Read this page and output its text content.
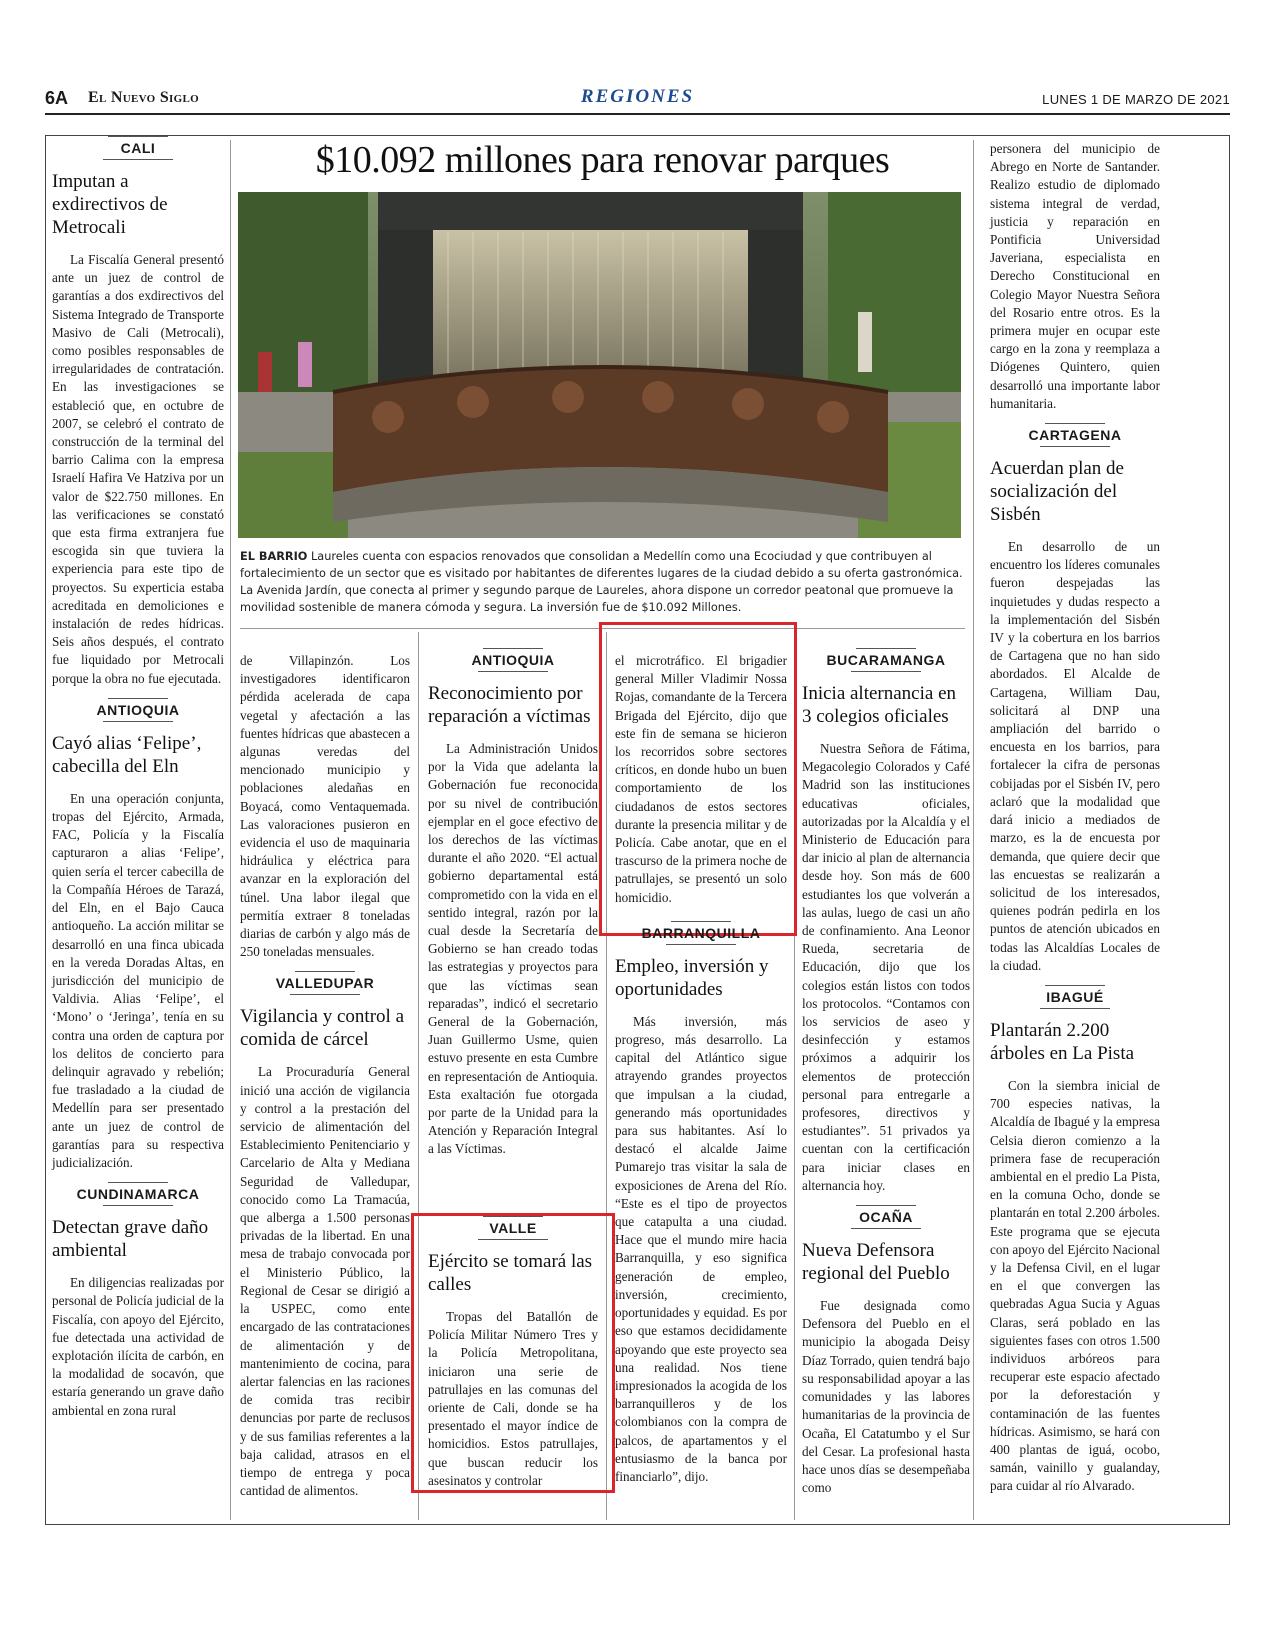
6A El Nuevo Siglo	REGIONES	LUNES 1 DE MARZO DE 2021
$10.092 millones para renovar parques
EL BARRIO Laureles cuenta con espacios renovados que consolidan a Medellín como una Ecociudad y que contribuyen al fortalecimiento de un sector que es visitado por habitantes de diferentes lugares de la ciudad debido a su oferta gastronómica. La Avenida Jardín, que conecta al primer y segundo parque de Laureles, ahora dispone un corredor peatonal que promueve la movilidad sostenible de manera cómoda y segura. La inversión fue de $10.092 Millones.
CALI
Imputan a exdirectivos de Metrocali

La Fiscalía General presentó ante un juez de control de garantías a dos exdirectivos del Sistema Integrado de Transporte Masivo de Cali (Metrocali), como posibles responsables de irregularidades de contratación. En las investigaciones se estableció que, en octubre de 2007, se celebró el contrato de construcción de la terminal del barrio Calima con la empresa Israelí Hafira Ve Hatziva por un valor de $22.750 millones. En las verificaciones se constató que esta firma extranjera fue escogida sin que tuviera la experiencia para este tipo de proyectos. Su experticia estaba acreditada en demoliciones e instalación de redes hídricas. Seis años después, el contrato fue liquidado por Metrocali porque la obra no fue ejecutada.

ANTIOQUIA
Cayó alias ‘Felipe’, cabecilla del Eln

En una operación conjunta, tropas del Ejército, Armada, FAC, Policía y la Fiscalía capturaron a alias ‘Felipe’, quien sería el tercer cabecilla de la Compañía Héroes de Tarazá, del Eln, en el Bajo Cauca antioqueño. La acción militar se desarrolló en una finca ubicada en la vereda Doradas Altas, en jurisdicción del municipio de Valdivia. Alias ‘Felipe’, el ‘Mono’ o ‘Jeringa’, tenía en su contra una orden de captura por los delitos de concierto para delinquir agravado y rebelión; fue trasladado a la ciudad de Medellín para ser presentado ante un juez de control de garantías para su respectiva judicialización.

CUNDINAMARCA
Detectan grave daño ambiental

En diligencias realizadas por personal de Policía judicial de la Fiscalía, con apoyo del Ejército, fue detectada una actividad de explotación ilícita de carbón, en la modalidad de socavón, que estaría generando un grave daño ambiental en zona rural

de Villapinzón. Los investigadores identificaron pérdida acelerada de capa vegetal y afectación a las fuentes hídricas que abastecen a algunas veredas del mencionado municipio y poblaciones aledañas en Boyacá, como Ventaquemada. Las valoraciones pusieron en evidencia el uso de maquinaria hidráulica y eléctrica para avanzar en la exploración del túnel. Una labor ilegal que permitía extraer 8 toneladas diarias de carbón y algo más de 250 toneladas mensuales.

VALLEDUPAR
Vigilancia y control a comida de cárcel

La Procuraduría General inició una acción de vigilancia y control a la prestación del servicio de alimentación del Establecimiento Penitenciario y Carcelario de Alta y Mediana Seguridad de Valledupar, conocido como La Tramacúa, que alberga a 1.500 personas privadas de la libertad. En una mesa de trabajo convocada por el Ministerio Público, la Regional de Cesar se dirigió a la USPEC, como ente encargado de las contrataciones de alimentación y de mantenimiento de cocina, para alertar falencias en las raciones de comida tras recibir denuncias por parte de reclusos y de sus familias referentes a la baja calidad, atrasos en el tiempo de entrega y poca cantidad de alimentos.

ANTIOQUIA
Reconocimiento por reparación a víctimas

La Administración Unidos por la Vida que adelanta la Gobernación fue reconocida por su nivel de contribución ejemplar en el goce efectivo de los derechos de las víctimas durante el año 2020. “El actual gobierno departamental está comprometido con la vida en el sentido integral, razón por la cual desde la Secretaría de Gobierno se han creado todas las estrategias y proyectos para que las víctimas sean reparadas”, indicó el secretario General de la Gobernación, Juan Guillermo Usme, quien estuvo presente en esta Cumbre en representación de Antioquia. Esta exaltación fue otorgada por parte de la Unidad para la Atención y Reparación Integral a las Víctimas.

VALLE
Ejército se tomará las calles

Tropas del Batallón de Policía Militar Número Tres y la Policía Metropolitana, iniciaron una serie de patrullajes en las comunas del oriente de Cali, donde se ha presentado el mayor índice de homicidios. Estos patrullajes, que buscan reducir los asesinatos y controlar

el microtráfico. El brigadier general Miller Vladimir Nossa Rojas, comandante de la Tercera Brigada del Ejército, dijo que este fin de semana se hicieron los recorridos sobre sectores críticos, en donde hubo un buen comportamiento de los ciudadanos de estos sectores durante la presencia militar y de Policía. Cabe anotar, que en el trascurso de la primera noche de patrullajes, se presentó un solo homicidio.

BARRANQUILLA
Empleo, inversión y oportunidades

Más inversión, más progreso, más desarrollo. La capital del Atlántico sigue atrayendo grandes proyectos que impulsan a la ciudad, generando más oportunidades para sus habitantes. Así lo destacó el alcalde Jaime Pumarejo tras visitar la sala de exposiciones de Arena del Río. “Este es el tipo de proyectos que catapulta a una ciudad. Hace que el mundo mire hacia Barranquilla, y eso significa generación de empleo, inversión, crecimiento, oportunidades y equidad. Es por eso que estamos decididamente apoyando que este proyecto sea una realidad. Nos tiene impresionados la acogida de los barranquilleros y de los colombianos con la compra de palcos, de apartamentos y el entusiasmo de la banca por financiarlo”, dijo.

BUCARAMANGA
Inicia alternancia en 3 colegios oficiales

Nuestra Señora de Fátima, Megacolegio Colorados y Café Madrid son las instituciones educativas oficiales, autorizadas por la Alcaldía y el Ministerio de Educación para dar inicio al plan de alternancia desde hoy. Son más de 600 estudiantes los que volverán a las aulas, luego de casi un año de confinamiento. Ana Leonor Rueda, secretaria de Educación, dijo que los colegios están listos con todos los protocolos. “Contamos con los servicios de aseo y desinfección y estamos próximos a adquirir los elementos de protección personal para entregarle a profesores, directivos y estudiantes”. 51 privados ya cuentan con la certificación para iniciar clases en alternancia hoy.

OCAÑA
Nueva Defensora regional del Pueblo

Fue designada como Defensora del Pueblo en el municipio la abogada Deisy Díaz Torrado, quien tendrá bajo su responsabilidad apoyar a las comunidades y las labores humanitarias de la provincia de Ocaña, El Catatumbo y el Sur del Cesar. La profesional hasta hace unos días se desempeñaba como

personera del municipio de Abrego en Norte de Santander. Realizo estudio de diplomado sistema integral de verdad, justicia y reparación en Pontificia Universidad Javeriana, especialista en Derecho Constitucional en Colegio Mayor Nuestra Señora del Rosario entre otros. Es la primera mujer en ocupar este cargo en la zona y reemplaza a Diógenes Quintero, quien desarrolló una importante labor humanitaria.

CARTAGENA
Acuerdan plan de socialización del Sisbén

En desarrollo de un encuentro los líderes comunales fueron despejadas las inquietudes y dudas respecto a la implementación del Sisbén IV y la cobertura en los barrios de Cartagena que no han sido abordados. El Alcalde de Cartagena, William Dau, solicitará al DNP una ampliación del barrido o encuesta en los barrios, para fortalecer la cifra de personas cobijadas por el Sisbén IV, pero aclaró que la modalidad que dará inicio a mediados de marzo, es la de encuesta por demanda, que quiere decir que las encuestas se realizarán a solicitud de los interesados, quienes podrán pedirla en los puntos de atención ubicados en todas las Alcaldías Locales de la ciudad.

IBAGUÉ
Plantarán 2.200 árboles en La Pista

Con la siembra inicial de 700 especies nativas, la Alcaldía de Ibagué y la empresa Celsia dieron comienzo a la primera fase de recuperación ambiental en el predio La Pista, en la comuna Ocho, donde se plantarán en total 2.200 árboles. Este programa que se ejecuta con apoyo del Ejército Nacional y la Defensa Civil, en el lugar en el que convergen las quebradas Agua Sucia y Aguas Claras, será poblado en las siguientes fases con otros 1.500 individuos arbóreos para recuperar este espacio afectado por la deforestación y contaminación de las fuentes hídricas. Asimismo, se hará con 400 plantas de iguá, ocobo, samán, vainillo y gualanday, para cuidar al río Alvarado.
